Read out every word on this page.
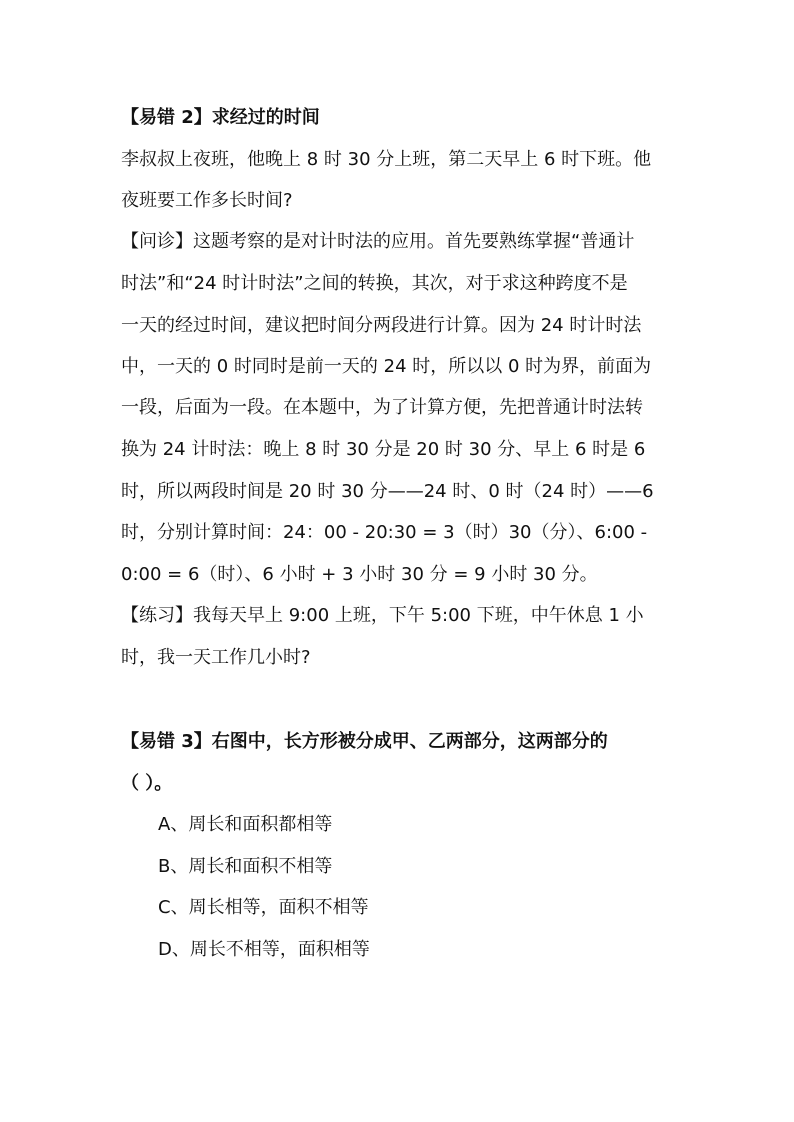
【易错 2】求经过的时间
李叔叔上夜班，他晚上 8 时 30 分上班，第二天早上 6 时下班。他
夜班要工作多长时间?
【问诊】这题考察的是对计时法的应用。首先要熟练掌握“普通计
时法”和“24 时计时法”之间的转换，其次，对于求这种跨度不是
一天的经过时间，建议把时间分两段进行计算。因为 24 时计时法
中，一天的 0 时同时是前一天的 24 时，所以以 0 时为界，前面为
一段，后面为一段。在本题中，为了计算方便，先把普通计时法转
换为 24 计时法：晚上 8 时 30 分是 20 时 30 分、早上 6 时是 6
时，所以两段时间是 20 时 30 分——24 时、0 时（24 时）——6
时，分别计算时间：24：00 - 20:30 = 3（时）30（分）、6:00 -
0:00 = 6（时）、6 小时 + 3 小时 30 分 = 9 小时 30 分。
【练习】我每天早上 9:00 上班，下午 5:00 下班，中午休息 1 小
时，我一天工作几小时?
【易错 3】右图中，长方形被分成甲、乙两部分，这两部分的
（ ）。
A、周长和面积都相等
B、周长和面积不相等
C、周长相等，面积不相等
D、周长不相等，面积相等
